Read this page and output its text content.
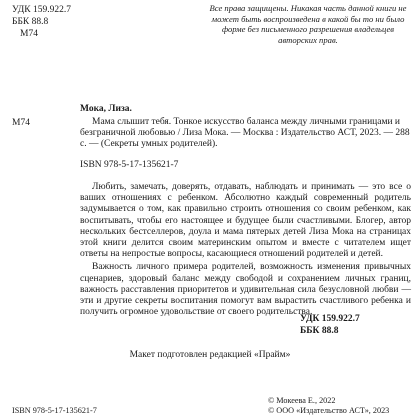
УДК 159.922.7
ББК 88.8
М74
Все права защищены. Никакая часть данной книги не может быть воспроизведена в какой бы то ни было форме без письменного разрешения владельцев авторских прав.
Мока, Лиза.
М74	Мама слышит тебя. Тонкое искусство баланса между личными границами и безграничной любовью / Лиза Мока. — Москва : Издательство АСТ, 2023. — 288 с. — (Секреты умных родителей).
ISBN 978-5-17-135621-7

Любить, замечать, доверять, отдавать, наблюдать и принимать — это все о ваших отношениях с ребенком. Абсолютно каждый современный родитель задумывается о том, как правильно строить отношения со своим ребенком, как воспитывать, чтобы его настоящее и будущее были счастливыми. Блогер, автор нескольких бестселлеров, доула и мама пятерых детей Лиза Мока на страницах этой книги делится своим материнским опытом и вместе с читателем ищет ответы на непростые вопросы, касающиеся отношений родителей и детей.

Важность личного примера родителей, возможность изменения привычных сценариев, здоровый баланс между свободой и сохранением личных границ, важность расставления приоритетов и удивительная сила безусловной любви — эти и другие секреты воспитания помогут вам вырастить счастливого ребенка и получить огромное удовольствие от своего родительства.

УДК 159.922.7
ББК 88.8
Макет подготовлен редакцией «Прайм»
ISBN 978-5-17-135621-7
© Мокеева Е., 2022
© ООО «Издательство АСТ», 2023
